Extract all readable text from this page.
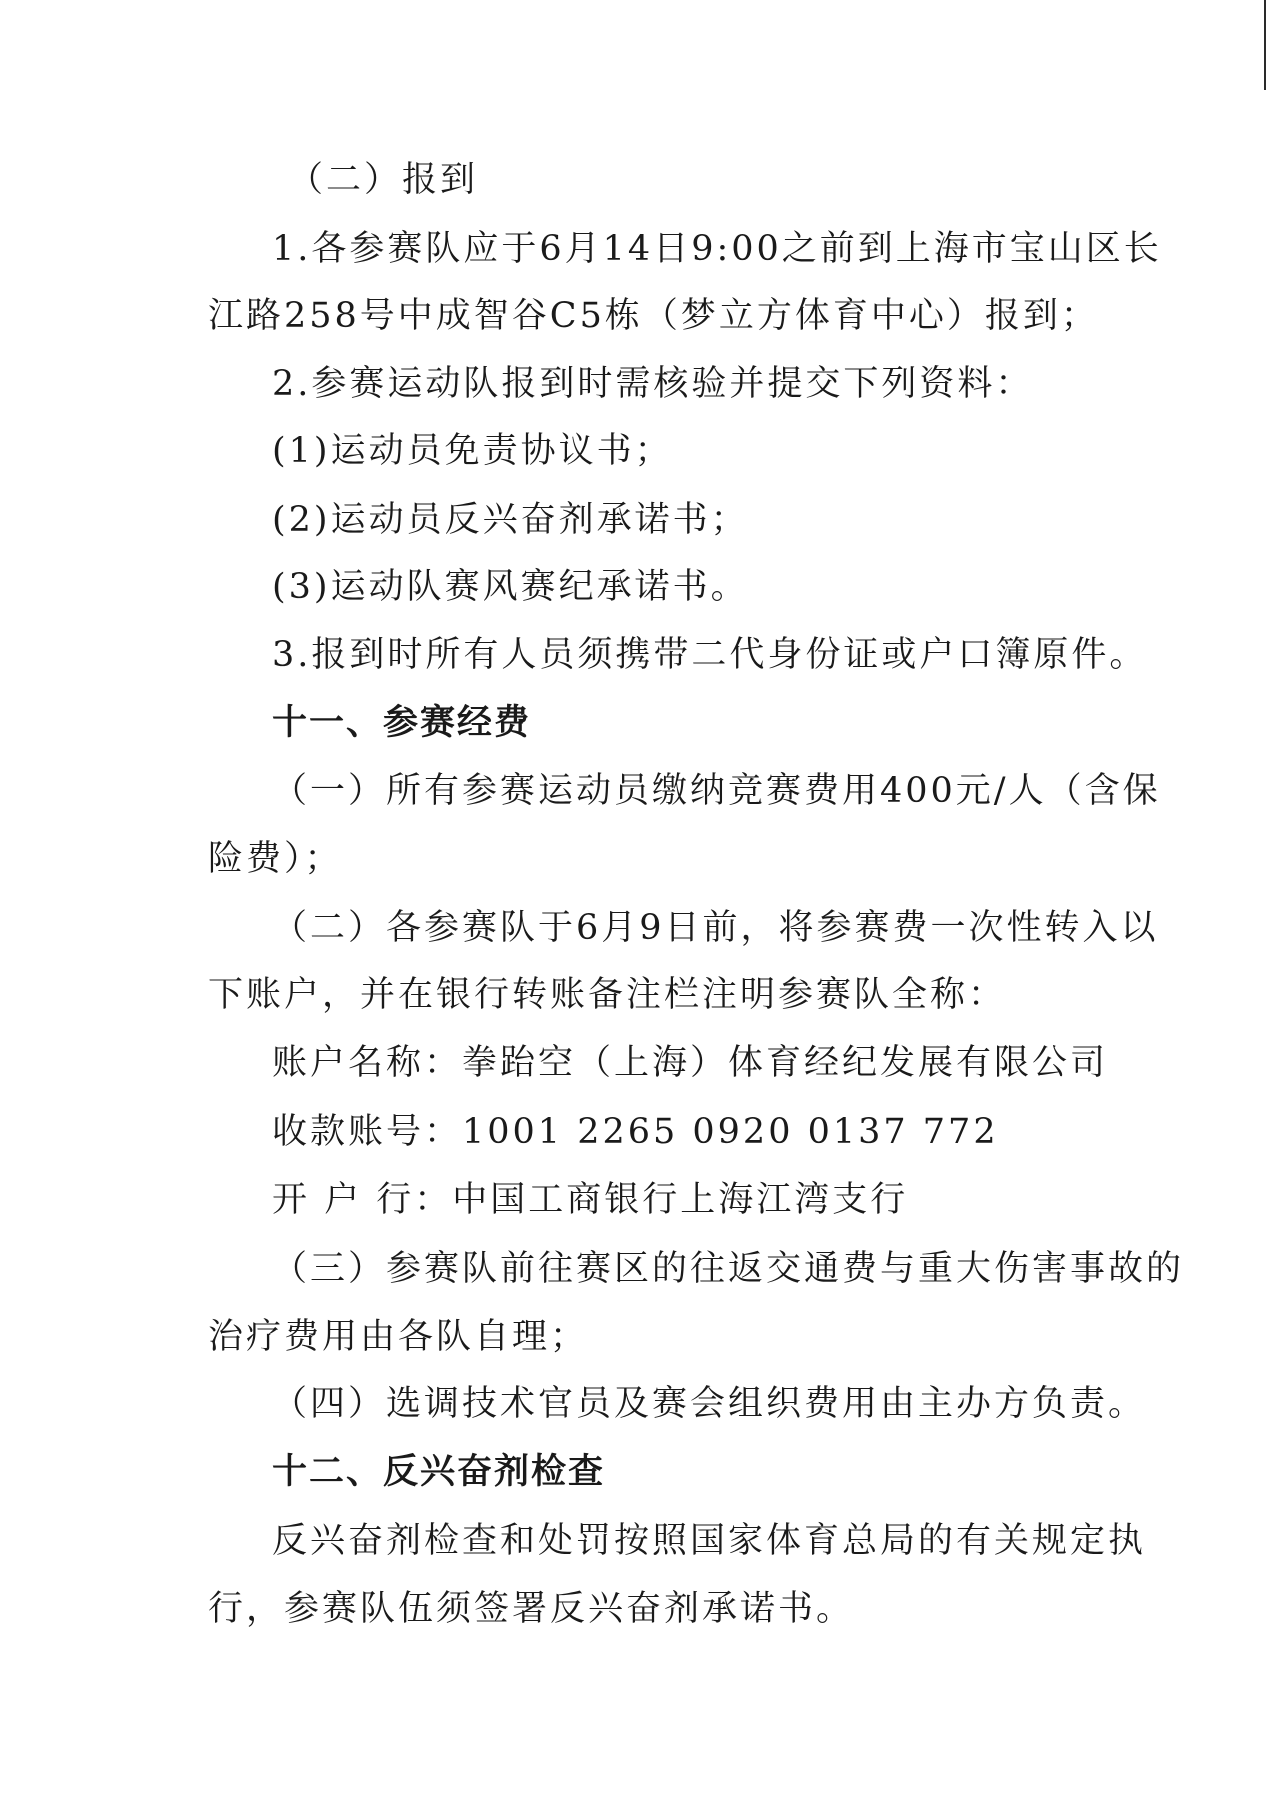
（二）报到
1.各参赛队应于6月14日9:00之前到上海市宝山区长
江路258号中成智谷C5栋（梦立方体育中心）报到；
2.参赛运动队报到时需核验并提交下列资料：
(1)运动员免责协议书；
(2)运动员反兴奋剂承诺书；
(3)运动队赛风赛纪承诺书。
3.报到时所有人员须携带二代身份证或户口簿原件。
十一、参赛经费
（一）所有参赛运动员缴纳竞赛费用400元/人（含保
险费）；
（二）各参赛队于6月9日前，将参赛费一次性转入以
下账户，并在银行转账备注栏注明参赛队全称：
账户名称：拳跆空（上海）体育经纪发展有限公司
收款账号：1001 2265 0920 0137 772
开 户 行：中国工商银行上海江湾支行
（三）参赛队前往赛区的往返交通费与重大伤害事故的
治疗费用由各队自理；
（四）选调技术官员及赛会组织费用由主办方负责。
十二、反兴奋剂检查
反兴奋剂检查和处罚按照国家体育总局的有关规定执
行，参赛队伍须签署反兴奋剂承诺书。
